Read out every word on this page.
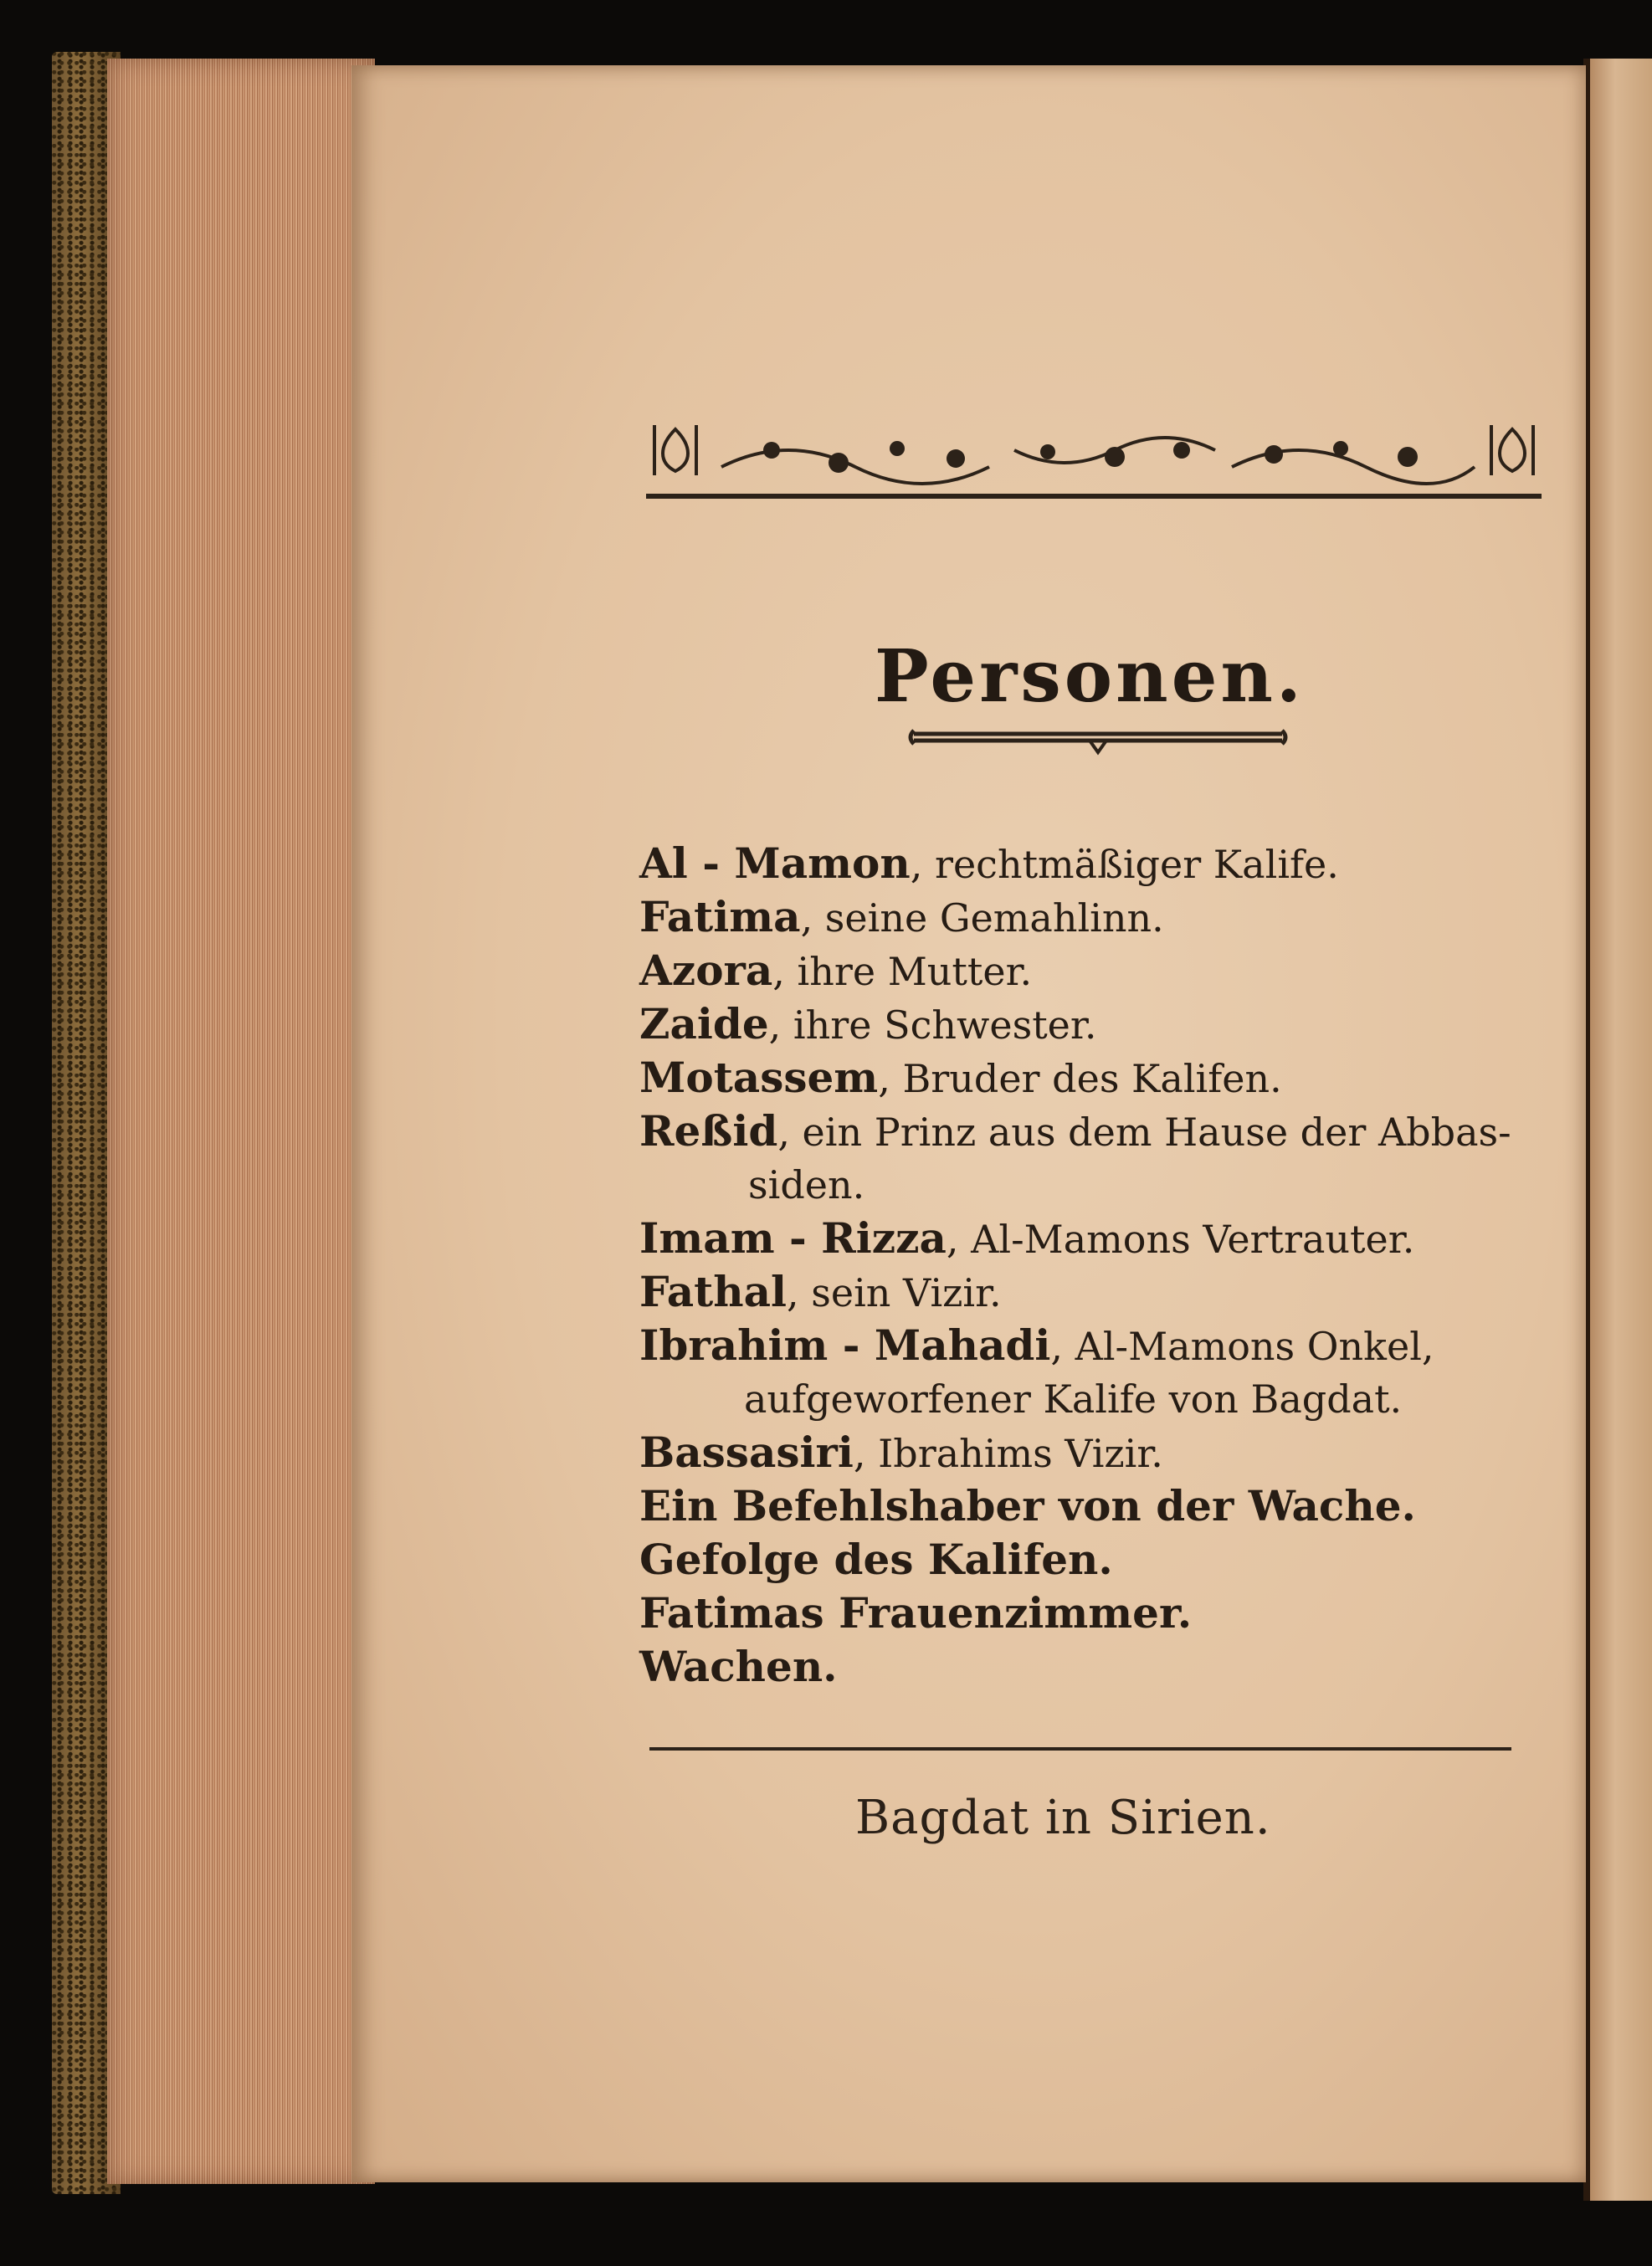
Personen.
Al - Mamon, rechtmäßiger Kalife.
Fatima, seine Gemahlinn.
Azora, ihre Mutter.
Zaide, ihre Schwester.
Motassem, Bruder des Kalifen.
Reßid, ein Prinz aus dem Hause der Abbas-
siden.
Imam - Rizza, Al-Mamons Vertrauter.
Fathal, sein Vizir.
Ibrahim - Mahadi, Al-Mamons Onkel,
aufgeworfener Kalife von Bagdat.
Bassasiri, Ibrahims Vizir.
Ein Befehlshaber von der Wache.
Gefolge des Kalifen.
Fatimas Frauenzimmer.
Wachen.
Bagdat in Sirien.
